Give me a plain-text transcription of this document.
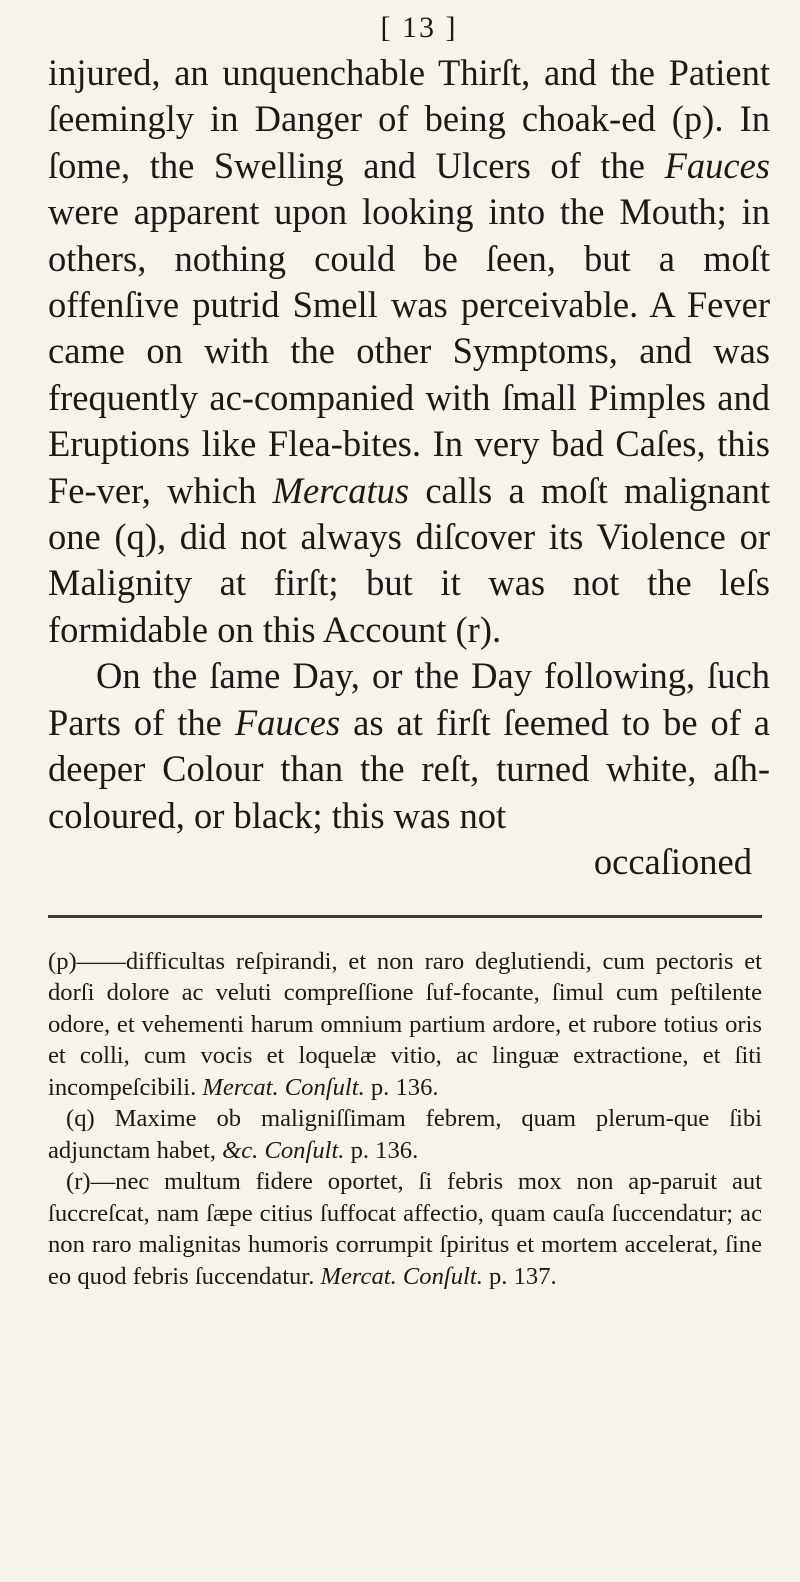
[ 13 ]

injured, an unquenchable Thirſt, and the Patient ſeemingly in Danger of being choak-ed (p). In ſome, the Swelling and Ulcers of the Fauces were apparent upon looking into the Mouth; in others, nothing could be ſeen, but a moſt offenſive putrid Smell was perceivable. A Fever came on with the other Symptoms, and was frequently ac-companied with ſmall Pimples and Eruptions like Flea-bites. In very bad Caſes, this Fe-ver, which Mercatus calls a moſt malignant one (q), did not always diſcover its Violence or Malignity at firſt; but it was not the leſs formidable on this Account (r).

On the ſame Day, or the Day following, ſuch Parts of the Fauces as at firſt ſeemed to be of a deeper Colour than the reſt, turned white, aſh-coloured, or black; this was not

occaſioned

(p)——difficultas reſpirandi, et non raro deglutiendi, cum pectoris et dorſi dolore ac veluti compreſſione ſuf-focante, ſimul cum peſtilente odore, et vehementi harum omnium partium ardore, et rubore totius oris et colli, cum vocis et loquelæ vitio, ac linguæ extractione, et ſiti incompeſcibili. Mercat. Conſult. p. 136.

(q) Maxime ob maligniſſimam febrem, quam plerum-que ſibi adjunctam habet, &c. Conſult. p. 136.

(r)—nec multum fidere oportet, ſi febris mox non ap-paruit aut ſuccreſcat, nam ſæpe citius ſuffocat affectio, quam cauſa ſuccendatur; ac non raro malignitas humoris corrumpit ſpiritus et mortem accelerat, ſine eo quod febris ſuccendatur. Mercat. Conſult. p. 137.
